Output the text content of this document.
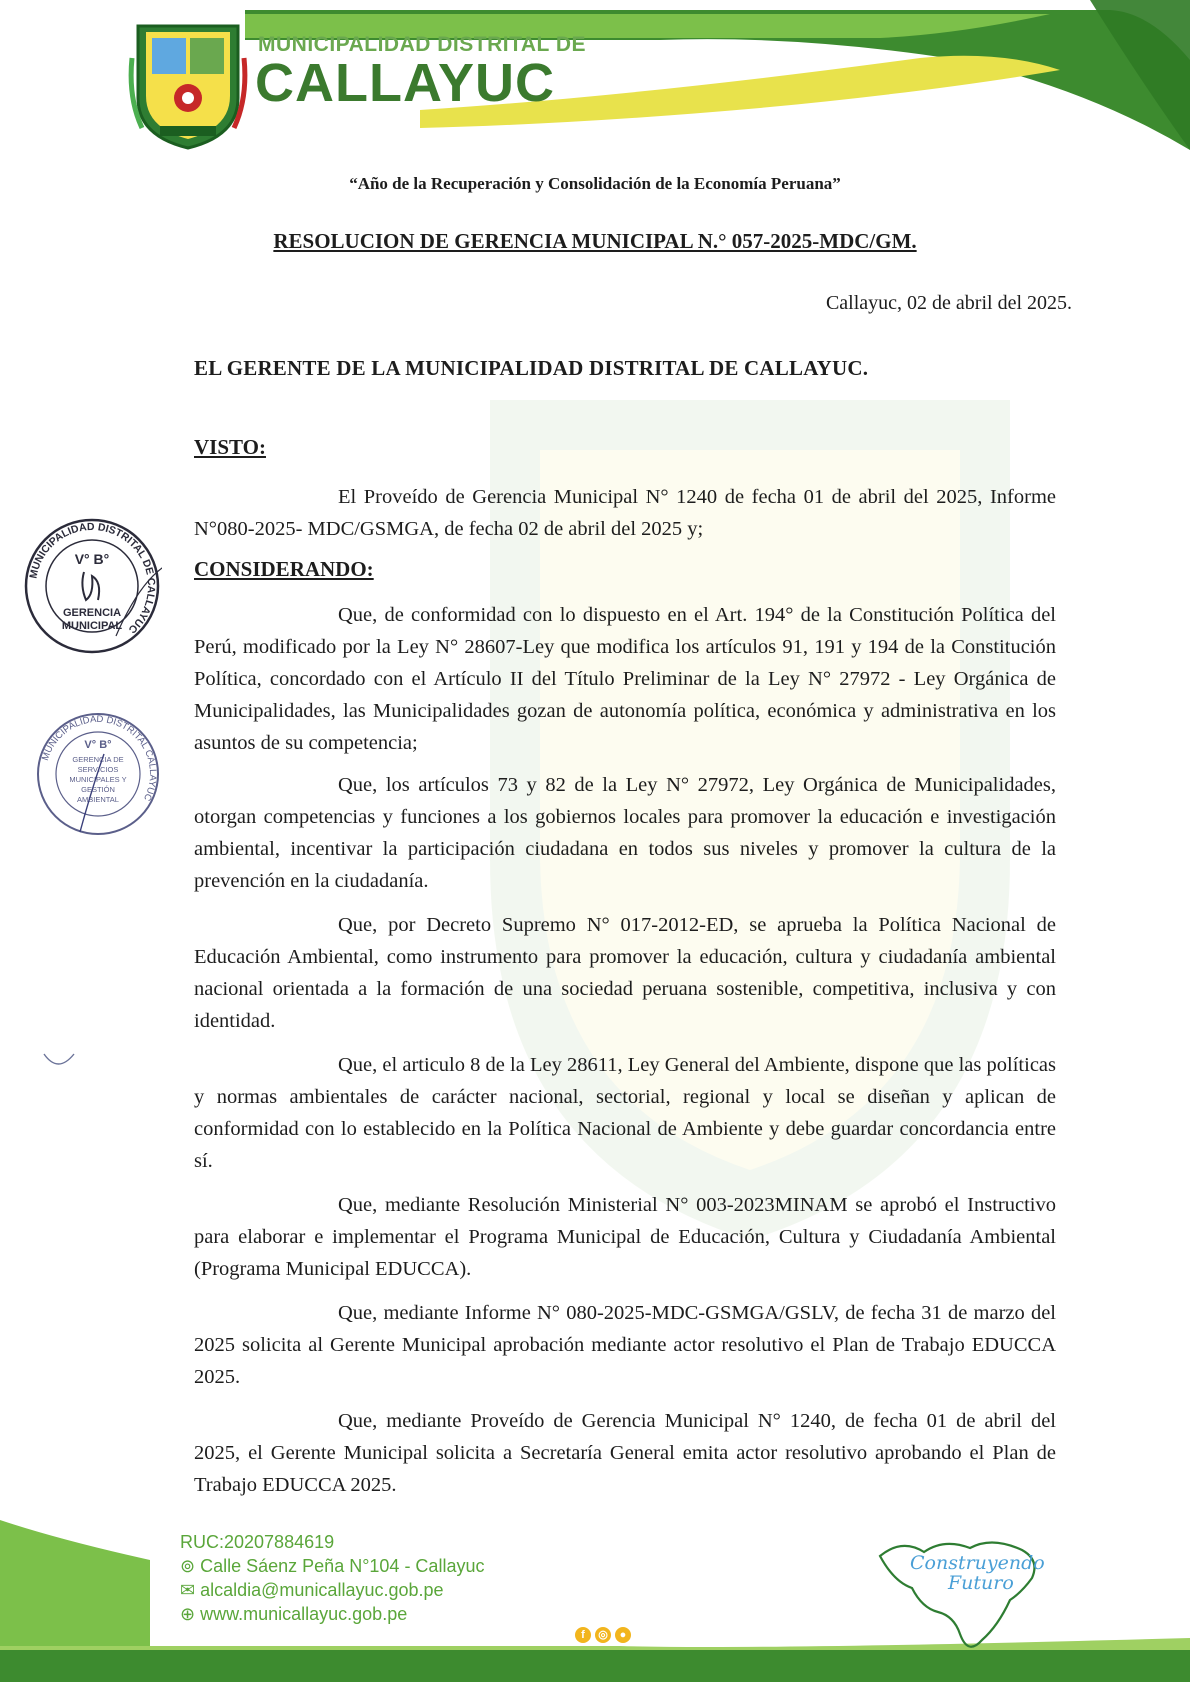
MUNICIPALIDAD DISTRITAL DE
CALLAYUC
“Año de la Recuperación y Consolidación de la Economía Peruana”
RESOLUCION DE GERENCIA MUNICIPAL N.° 057-2025-MDC/GM.
Callayuc, 02 de abril del 2025.
EL GERENTE DE LA MUNICIPALIDAD DISTRITAL DE CALLAYUC.
VISTO:

El Proveído de Gerencia Municipal N° 1240 de fecha 01 de abril del 2025, Informe N°080-2025- MDC/GSMGA, de fecha 02 de abril del 2025 y;

CONSIDERANDO:

Que, de conformidad con lo dispuesto en el Art. 194° de la Constitución Política del Perú, modificado por la Ley N° 28607-Ley que modifica los artículos 91, 191 y 194 de la Constitución Política, concordado con el Artículo II del Título Preliminar de la Ley N° 27972 - Ley Orgánica de Municipalidades, las Municipalidades gozan de autonomía política, económica y administrativa en los asuntos de su competencia;

Que, los artículos 73 y 82 de la Ley N° 27972, Ley Orgánica de Municipalidades, otorgan competencias y funciones a los gobiernos locales para promover la educación e investigación ambiental, incentivar la participación ciudadana en todos sus niveles y promover la cultura de la prevención en la ciudadanía.

Que, por Decreto Supremo N° 017-2012-ED, se aprueba la Política Nacional de Educación Ambiental, como instrumento para promover la educación, cultura y ciudadanía ambiental nacional orientada a la formación de una sociedad peruana sostenible, competitiva, inclusiva y con identidad.

Que, el articulo 8 de la Ley 28611, Ley General del Ambiente, dispone que las políticas y normas ambientales de carácter nacional, sectorial, regional y local se diseñan y aplican de conformidad con lo establecido en la Política Nacional de Ambiente y debe guardar concordancia entre sí.

Que, mediante Resolución Ministerial N° 003-2023MINAM se aprobó el Instructivo para elaborar e implementar el Programa Municipal de Educación, Cultura y Ciudadanía Ambiental (Programa Municipal EDUCCA).

Que, mediante Informe N° 080-2025-MDC-GSMGA/GSLV, de fecha 31 de marzo del 2025 solicita al Gerente Municipal aprobación mediante actor resolutivo el Plan de Trabajo EDUCCA 2025.

Que, mediante Proveído de Gerencia Municipal N° 1240, de fecha 01 de abril del 2025, el Gerente Municipal solicita a Secretaría General emita actor resolutivo aprobando el Plan de Trabajo EDUCCA 2025.

MUNICIPALIDAD DISTRITAL DE CALLAYUC
V° B°
GERENCIA
MUNICIPAL
MUNICIPALIDAD DISTRITAL CALLAYUC
V° B°
GERENCIA DE
SERVICIOS
MUNICIPALES Y
GESTIÓN
AMBIENTAL
RUC:20207884619
⊚ Calle Sáenz Peña N°104 - Callayuc
✉ alcaldia@municallayuc.gob.pe
⊕ www.municallayuc.gob.pe
f	◎	●
Construyendo
Futuro
